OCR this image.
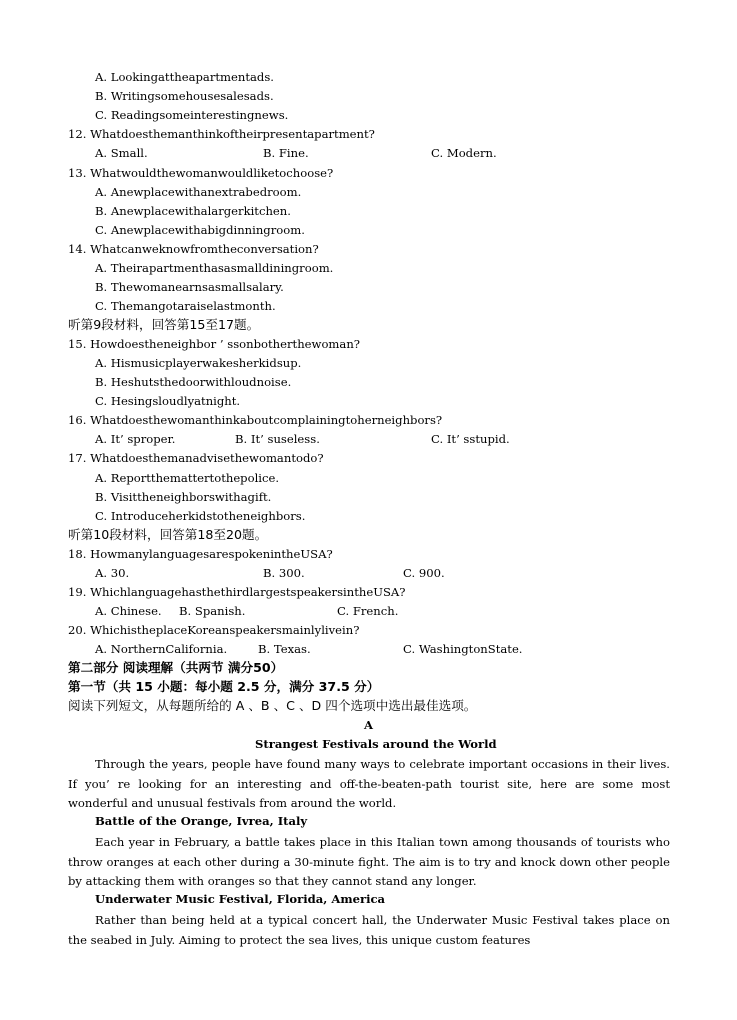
A. Lookingattheapartmentads.
B. Writingsomehousesalesads.
C. Readingsomeinterestingnews.
12. Whatdoesthemanthinkoftheirpresentapartment?
A. Small.	B. Fine.	C. Modern.
13. Whatwouldthewomanwouldliketochoose?
A. Anewplacewithanextrabedroom.
B. Anewplacewithalargerkitchen.
C. Anewplacewithabigdinningroom.
14. Whatcanweknowfromtheconversation?
A. Theirapartmenthasasmalldiningroom.
B. Thewomanearnsasmallsalary.
C. Themangotaraiselastmonth.
听第9段材料，回答第15至17题。
15. Howdoestheneighbor ’ ssonbotherthewoman?
A. Hismusicplayerwakesherkidsup.
B. Heshutsthedoorwithloudnoise.
C. Hesingsloudlyatnight.
16. Whatdoesthewomanthinkaboutcomplainingtoherneighbors?
A. It’ sproper.	B. It’ suseless.	C. It’ sstupid.
17. Whatdoesthemanadvisethewomantodo?
A. Reportthemattertothepolice.
B. Visittheneighborswithagift.
C. Introduceherkidstotheneighbors.
听第10段材料，回答第18至20题。
18. HowmanylanguagesarespokenintheUSA?
A. 30.	B. 300.	C. 900.
19. WhichlanguagehasthethirdlargestspeakersintheUSA?
A. Chinese. B. Spanish.	C. French.
20. WhichistheplaceKoreanspeakersmainlylivein?
A. NorthernCalifornia.	B. Texas.	C. WashingtonState.
第二部分 阅读理解（共两节 满分50）
第一节（共 15 小题：每小题 2.5 分，满分 37.5 分）
阅读下列短文，从每题所给的 A 、B 、C 、D 四个选项中选出最佳选项。
A
Strangest Festivals around the World
Through the years, people have found many ways to celebrate important occasions in their lives. If you’ re looking for an interesting and off-the-beaten-path tourist site, here are some most wonderful and unusual festivals from around the world.
Battle of the Orange, Ivrea, Italy
Each year in February, a battle takes place in this Italian town among thousands of tourists who throw oranges at each other during a 30-minute fight. The aim is to try and knock down other people by attacking them with oranges so that they cannot stand any longer.
Underwater Music Festival, Florida, America
Rather than being held at a typical concert hall, the Underwater Music Festival takes place on the seabed in July. Aiming to protect the sea lives, this unique custom features
